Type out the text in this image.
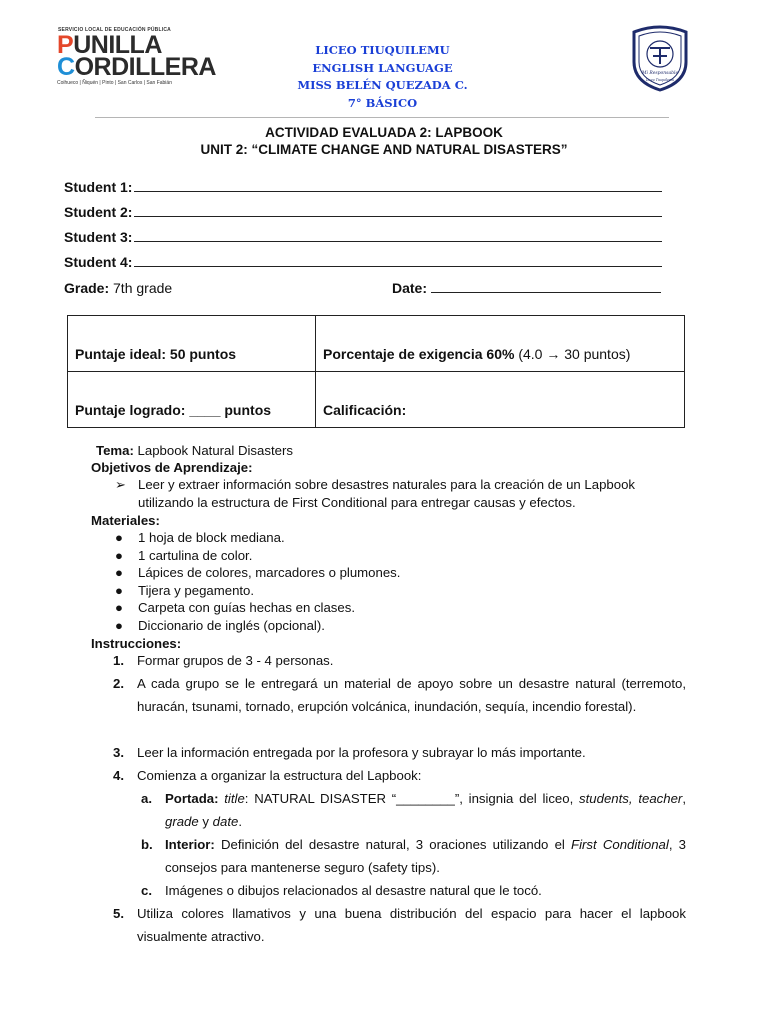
SERVICIO LOCAL DE EDUCACIÓN PÚBLICA
PUNILLA
CORDILLERA
Coihueco | Ñiquén | Pinto | San Carlos | San Fabián
LICEO TIUQUILEMU
ENGLISH LANGUAGE
MISS BELÉN QUEZADA C.
7° BÁSICO
Mi Responsable
Liceo Tiuquilemu
ACTIVIDAD EVALUADA 2: LAPBOOK
UNIT 2: “CLIMATE CHANGE AND NATURAL DISASTERS”
Student 1:
Student 2:
Student 3:
Student 4:
Grade: 7th grade	Date:
Puntaje ideal: 50 puntos	Porcentaje de exigencia 60% (4.0 → 30 puntos)

Puntaje logrado: ____ puntos	Calificación:
Tema: Lapbook Natural Disasters
Objetivos de Aprendizaje:
➢ Leer y extraer información sobre desastres naturales para la creación de un Lapbook
utilizando la estructura de First Conditional para entregar causas y efectos.
Materiales:
● 1 hoja de block mediana.
● 1 cartulina de color.
● Lápices de colores, marcadores o plumones.
● Tijera y pegamento.
● Carpeta con guías hechas en clases.
● Diccionario de inglés (opcional).
Instrucciones:
1. Formar grupos de 3 - 4 personas.
2. A cada grupo se le entregará un material de apoyo sobre un desastre natural (terremoto, huracán, tsunami, tornado, erupción volcánica, inundación, sequía, incendio forestal).
3. Leer la información entregada por la profesora y subrayar lo más importante.
4. Comienza a organizar la estructura del Lapbook:
a. Portada: title: NATURAL DISASTER “________”, insignia del liceo, students, teacher, grade y date.
b. Interior: Definición del desastre natural, 3 oraciones utilizando el First Conditional, 3 consejos para mantenerse seguro (safety tips).
c. Imágenes o dibujos relacionados al desastre natural que le tocó.
5. Utiliza colores llamativos y una buena distribución del espacio para hacer el lapbook visualmente atractivo.
